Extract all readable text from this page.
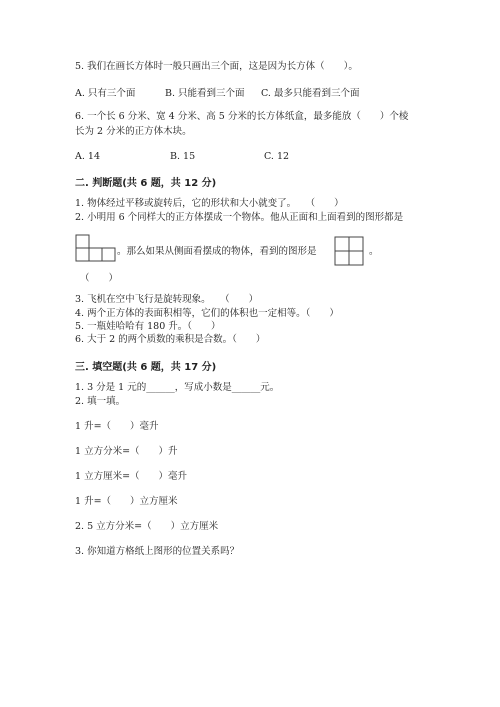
5. 我们在画长方体时一般只画出三个面，这是因为长方体（　　）。
A. 只有三个面	B. 只能看到三个面 C. 最多只能看到三个面
6. 一个长 6 分米、宽 4 分米、高 5 分米的长方体纸盒，最多能放（　　）个棱
长为 2 分米的正方体木块。
A. 14	B. 15	C. 12
二. 判断题(共 6 题，共 12 分)
1. 物体经过平移或旋转后，它的形状和大小就变了。　　（　　）
2. 小明用 6 个同样大的正方体摆成一个物体。他从正面和上面看到的图形都是
。那么如果从侧面看摆成的物体，看到的图形是	。
（　　）
3. 飞机在空中飞行是旋转现象。　　（　　）
4. 两个正方体的表面积相等，它们的体积也一定相等。（　　）
5. 一瓶娃哈哈有 180 升。（　　）
6. 大于 2 的两个质数的乘积是合数。（　　）
三. 填空题(共 6 题，共 17 分)
1. 3 分是 1 元的______，写成小数是______元。
2. 填一填。
1 升=（　　）毫升
1 立方分米=（　　）升
1 立方厘米=（　　）毫升
1 升=（　　）立方厘米
2. 5 立方分米=（　　）立方厘米
3. 你知道方格纸上图形的位置关系吗？
